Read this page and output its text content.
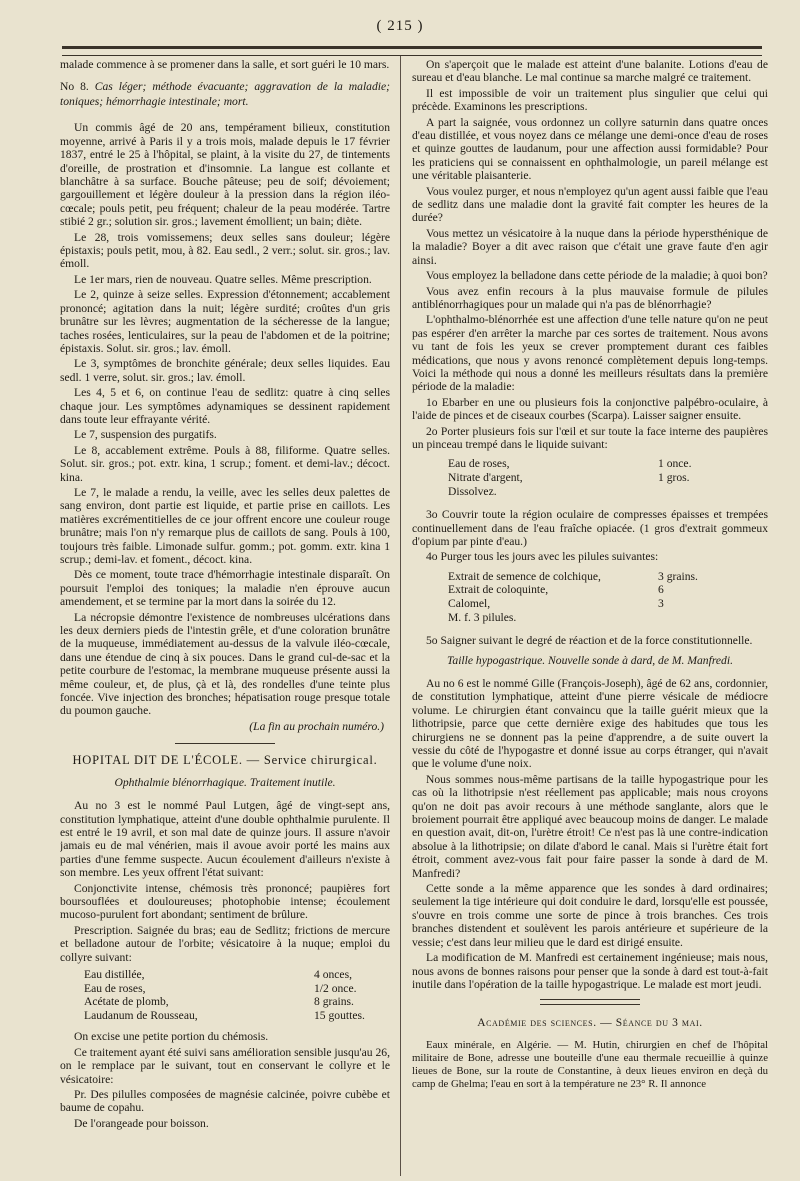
( 215 )

malade commence à se promener dans la salle, et sort guéri le 10 mars.

No 8. Cas léger; méthode évacuante; aggravation de la maladie; toniques; hémorrhagie intestinale; mort.

Un commis âgé de 20 ans, tempérament bilieux, constitution moyenne, arrivé à Paris il y a trois mois, malade depuis le 17 février 1837, entré le 25 à l'hôpital, se plaint, à la visite du 27, de tintements d'oreille, de prostration et d'insomnie. La langue est collante et blanchâtre à sa surface. Bouche pâteuse; peu de soif; dévoiement; gargouillement et légère douleur à la pression dans la région iléo-cœcale; pouls petit, peu fréquent; chaleur de la peau modérée. Tartre stibié 2 gr.; solution sir. gros.; lavement émollient; un bain; diète.

Le 28, trois vomissemens; deux selles sans douleur; légère épistaxis; pouls petit, mou, à 82. Eau sedl., 2 verr.; solut. sir. gros.; lav. émoll.

Le 1er mars, rien de nouveau. Quatre selles. Même prescription.

Le 2, quinze à seize selles. Expression d'étonnement; accablement prononcé; agitation dans la nuit; légère surdité; croûtes d'un gris brunâtre sur les lèvres; augmentation de la sécheresse de la langue; taches rosées, lenticulaires, sur la peau de l'abdomen et de la poitrine; épistaxis. Solut. sir. gros.; lav. émoll.

Le 3, symptômes de bronchite générale; deux selles liquides. Eau sedl. 1 verre, solut. sir. gros.; lav. émoll.

Les 4, 5 et 6, on continue l'eau de sedlitz: quatre à cinq selles chaque jour. Les symptômes adynamiques se dessinent rapidement dans toute leur effrayante vérité.

Le 7, suspension des purgatifs.

Le 8, accablement extrême. Pouls à 88, filiforme. Quatre selles. Solut. sir. gros.; pot. extr. kina, 1 scrup.; foment. et demi-lav.; décoct. kina.

Le 7, le malade a rendu, la veille, avec les selles deux palettes de sang environ, dont partie est liquide, et partie prise en caillots. Les matières excrémentitielles de ce jour offrent encore une couleur rouge brunâtre; mais l'on n'y remarque plus de caillots de sang. Pouls à 100, toujours très faible. Limonade sulfur. gomm.; pot. gomm. extr. kina 1 scrup.; demi-lav. et foment., décoct. kina.

Dès ce moment, toute trace d'hémorrhagie intestinale disparaît. On poursuit l'emploi des toniques; la maladie n'en éprouve aucun amendement, et se termine par la mort dans la soirée du 12.

La nécropsie démontre l'existence de nombreuses ulcérations dans les deux derniers pieds de l'intestin grêle, et d'une coloration brunâtre de la muqueuse, immédiatement au-dessus de la valvule iléo-cœcale, dans une étendue de cinq à six pouces. Dans le grand cul-de-sac et la petite courbure de l'estomac, la membrane muqueuse présente aussi la même couleur, et, de plus, çà et là, des rondelles d'une teinte plus foncée. Vive injection des bronches; hépatisation rouge presque totale du poumon gauche.

(La fin au prochain numéro.)
HOPITAL DIT DE L'ÉCOLE. — Service chirurgical.
Ophthalmie blénorrhagique. Traitement inutile.

Au no 3 est le nommé Paul Lutgen, âgé de vingt-sept ans, constitution lymphatique, atteint d'une double ophthalmie purulente. Il est entré le 19 avril, et son mal date de quinze jours. Il assure n'avoir jamais eu de mal vénérien, mais il avoue avoir porté les mains aux parties d'une femme suspecte. Aucun écoulement d'ailleurs n'existe à son membre. Les yeux offrent l'état suivant:

Conjonctivite intense, chémosis très prononcé; paupières fort boursouflées et douloureuses; photophobie intense; écoulement mucoso-purulent fort abondant; sentiment de brûlure.

Prescription. Saignée du bras; eau de Sedlitz; frictions de mercure et belladone autour de l'orbite; vésicatoire à la nuque; emploi du collyre suivant:

Eau distillée,	4 onces,
Eau de roses,	1/2 once.
Acétate de plomb,	8 grains.
Laudanum de Rousseau,	15 gouttes.

On excise une petite portion du chémosis.

Ce traitement ayant été suivi sans amélioration sensible jusqu'au 26, on le remplace par le suivant, tout en conservant le collyre et le vésicatoire:

Pr. Des pilulles composées de magnésie calcinée, poivre cubèbe et baume de copahu.

De l'orangeade pour boisson.

On s'aperçoit que le malade est atteint d'une balanite. Lotions d'eau de sureau et d'eau blanche. Le mal continue sa marche malgré ce traitement.

Il est impossible de voir un traitement plus singulier que celui qui précède. Examinons les prescriptions.

A part la saignée, vous ordonnez un collyre saturnin dans quatre onces d'eau distillée, et vous noyez dans ce mélange une demi-once d'eau de roses et quinze gouttes de laudanum, pour une affection aussi formidable? Pour les praticiens qui se connaissent en ophthalmologie, un pareil mélange est une véritable plaisanterie.

Vous voulez purger, et nous n'employez qu'un agent aussi faible que l'eau de sedlitz dans une maladie dont la gravité fait compter les heures de la durée?

Vous mettez un vésicatoire à la nuque dans la période hypersthénique de la maladie? Boyer a dit avec raison que c'était une grave faute d'en agir ainsi.

Vous employez la belladone dans cette période de la maladie; à quoi bon?

Vous avez enfin recours à la plus mauvaise formule de pilules antiblénorrhagiques pour un malade qui n'a pas de blénorrhagie?

L'ophthalmo-blénorrhée est une affection d'une telle nature qu'on ne peut pas espérer d'en arrêter la marche par ces sortes de traitement. Nous avons vu tant de fois les yeux se crever promptement durant ces faibles médications, que nous y avons renoncé complètement depuis long-temps. Voici la méthode qui nous a donné les meilleurs résultats dans la première période de la maladie:

1o Ebarber en une ou plusieurs fois la conjonctive palpébro-oculaire, à l'aide de pinces et de ciseaux courbes (Scarpa). Laisser saigner ensuite.

2o Porter plusieurs fois sur l'œil et sur toute la face interne des paupières un pinceau trempé dans le liquide suivant:

Eau de roses,	1 once.
Nitrate d'argent,	1 gros.
Dissolvez.

3o Couvrir toute la région oculaire de compresses épaisses et trempées continuellement dans de l'eau fraîche opiacée. (1 gros d'extrait gommeux d'opium par pinte d'eau.)

4o Purger tous les jours avec les pilules suivantes:

Extrait de semence de colchique,	3 grains.
Extrait de coloquinte,	6
Calomel,	3
M. f. 3 pilules.

5o Saigner suivant le degré de réaction et de la force constitutionnelle.

Taille hypogastrique. Nouvelle sonde à dard, de M. Manfredi.

Au no 6 est le nommé Gille (François-Joseph), âgé de 62 ans, cordonnier, de constitution lymphatique, atteint d'une pierre vésicale de médiocre volume. Le chirurgien étant convaincu que la taille guérit mieux que la lithotripsie, parce que cette dernière exige des habitudes que tous les chirurgiens ne se donnent pas la peine d'apprendre, a de suite ouvert la vessie du côté de l'hypogastre et donné issue au corps étranger, qui n'avait que le volume d'une noix.

Nous sommes nous-même partisans de la taille hypogastrique pour les cas où la lithotripsie n'est réellement pas applicable; mais nous croyons qu'on ne doit pas avoir recours à une méthode sanglante, alors que le broiement pourrait être appliqué avec beaucoup moins de danger. Le malade en question avait, dit-on, l'urètre étroit! Ce n'est pas là une contre-indication absolue à la lithotripsie; on dilate d'abord le canal. Mais si l'urètre était fort étroit, comment avez-vous fait pour faire passer la sonde à dard de M. Manfredi?

Cette sonde a la même apparence que les sondes à dard ordinaires; seulement la tige intérieure qui doit conduire le dard, lorsqu'elle est poussée, s'ouvre en trois comme une sorte de pince à trois branches. Ces trois branches distendent et soulèvent les parois antérieure et supérieure de la vessie; c'est dans leur milieu que le dard est dirigé ensuite.

La modification de M. Manfredi est certainement ingénieuse; mais nous, nous avons de bonnes raisons pour penser que la sonde à dard est tout-à-fait inutile dans l'opération de la taille hypogastrique. Le malade est mort jeudi.

Académie des sciences. — Séance du 3 mai.

Eaux minérale, en Algérie. — M. Hutin, chirurgien en chef de l'hôpital militaire de Bone, adresse une bouteille d'une eau thermale recueillie à quinze lieues de Bone, sur la route de Constantine, à deux lieues environ en deçà du camp de Ghelma; l'eau en sort à la température ne 23° R. Il annonce
